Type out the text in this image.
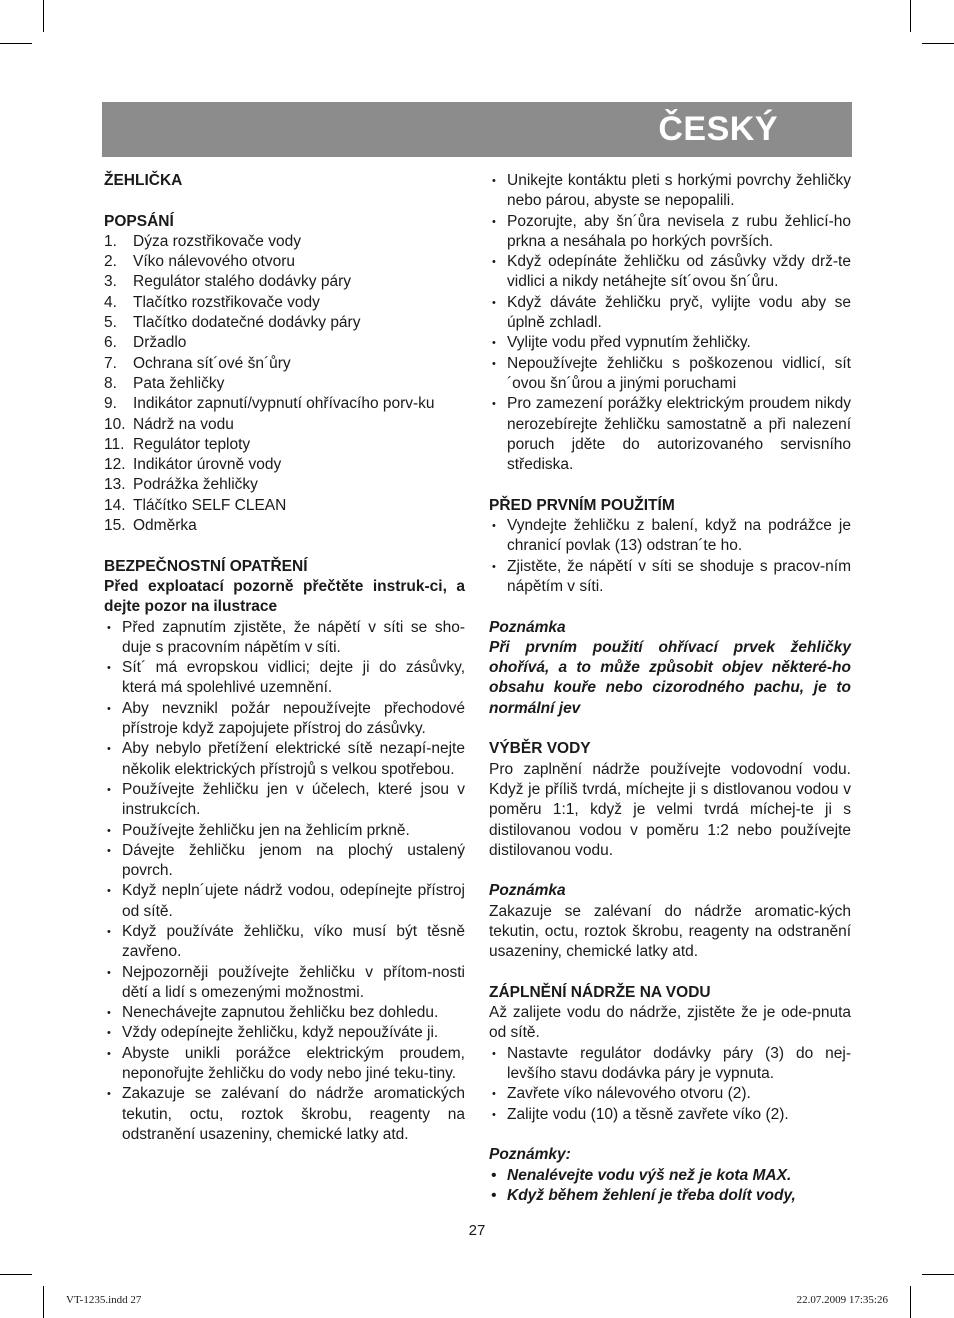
ČESKÝ
ŽEHLIČKA
POPSÁNÍ
1.	Dýza rozstřikovače vody
2.	Víko nálevového otvoru
3.	Regulátor stalého dodávky páry
4.	Tlačítko rozstřikovače vody
5.	Tlačítko dodatečné dodávky páry
6.	Držadlo
7.	Ochrana sít´ové šn´ůry
8.	Pata žehličky
9.	Indikátor zapnutí/vypnutí ohřívacího porv-ku
10. Nádrž na vodu
11. Regulátor teploty
12. Indikátor úrovně vody
13. Podrážka žehličky
14. Tláčítko SELF CLEAN
15. Odměrka
BEZPEČNOSTNÍ OPATŘENÍ

Před exploatací pozorně přečtěte instruk-ci, a dejte pozor na ilustrace

• Před zapnutím zjistěte, že nápětí v síti se sho-duje s pracovním nápětím v síti.
• Sít´ má evropskou vidlici; dejte ji do zásůvky, která má spolehlivé uzemnění.
• Aby nevznikl požár nepoužívejte přechodové přístroje když zapojujete přístroj do zásůvky.
• Aby nebylo přetížení elektrické sítě nezapí-nejte několik elektrických přístrojů s velkou spotřebou.
• Používejte žehličku jen v účelech, které jsou v instrukcích.
• Používejte žehličku jen na žehlicím prkně.
• Dávejte žehličku jenom na plochý ustalený povrch.
• Když nepln´ujete nádrž vodou, odepínejte přístroj od sítě.
• Když používáte žehličku, víko musí být těsně zavřeno.
• Nejpozorněji používejte žehličku v přítom-nosti dětí a lidí s omezenými možnostmi.
• Nenechávejte zapnutou žehličku bez dohledu.
• Vždy odepínejte žehličku, když nepoužíváte ji.
• Abyste unikli porážce elektrickým proudem, neponořujte žehličku do vody nebo jiné teku-tiny.
• Zakazuje se zalévaní do nádrže aromatických tekutin, octu, roztok škrobu, reagenty na odstranění usazeniny, chemické latky atd.
• Unikejte kontáktu pleti s horkými povrchy žehličky nebo párou, abyste se nepopalili.
• Pozorujte, aby šn´ůra nevisela z rubu žehlicí-ho prkna a nesáhala po horkých površích.
• Když odepínáte žehličku od zásůvky vždy drž-te vidlici a nikdy netáhejte sít´ovou šn´ůru.
• Když dáváte žehličku pryč, vylijte vodu aby se úplně zchladl.
• Vylijte vodu před vypnutím žehličky.
• Nepoužívejte žehličku s poškozenou vidlicí, sít´ovou šn´ůrou a jinými poruchami
• Pro zamezení porážky elektrickým proudem nikdy nerozebírejte žehličku samostatně a při nalezení poruch jděte do autorizovaného servisního střediska.
PŘED PRVNÍM POUŽITÍM
• Vyndejte žehličku z balení, když na podrážce je chranicí povlak (13) odstran´te ho.
• Zjistěte, že nápětí v síti se shoduje s pracov-ním nápětím v síti.
Poznámka

Při prvním použití ohřívací prvek žehličky ohořívá, a to může způsobit objev některé-ho obsahu kouře nebo cizorodného pachu, je to normální jev

VÝBĚR VODY

Pro zaplnění nádrže používejte vodovodní vodu. Když je příliš tvrdá, míchejte ji s distlovanou vodou v poměru 1:1, když je velmi tvrdá míchej-te ji s distilovanou vodou v poměru 1:2 nebo používejte distilovanou vodu.

Poznámka

Zakazuje se zalévaní do nádrže aromatic-kých tekutin, octu, roztok škrobu, reagenty na odstranění usazeniny, chemické latky atd.

ZÁPLNĚNÍ NÁDRŽE NA VODU

Až zalijete vodu do nádrže, zjistěte že je ode-pnuta od sítě.

• Nastavte regulátor dodávky páry (3) do nej-levšího stavu dodávka páry je vypnuta.
• Zavřete víko nálevového otvoru (2).
• Zalijte vodu (10) a těsně zavřete víko (2).
Poznámky:
• Nenalévejte vodu výš než je kota MAX.
• Když během žehlení je třeba dolít vody,
27
VT-1235.indd 27	22.07.2009 17:35:26
